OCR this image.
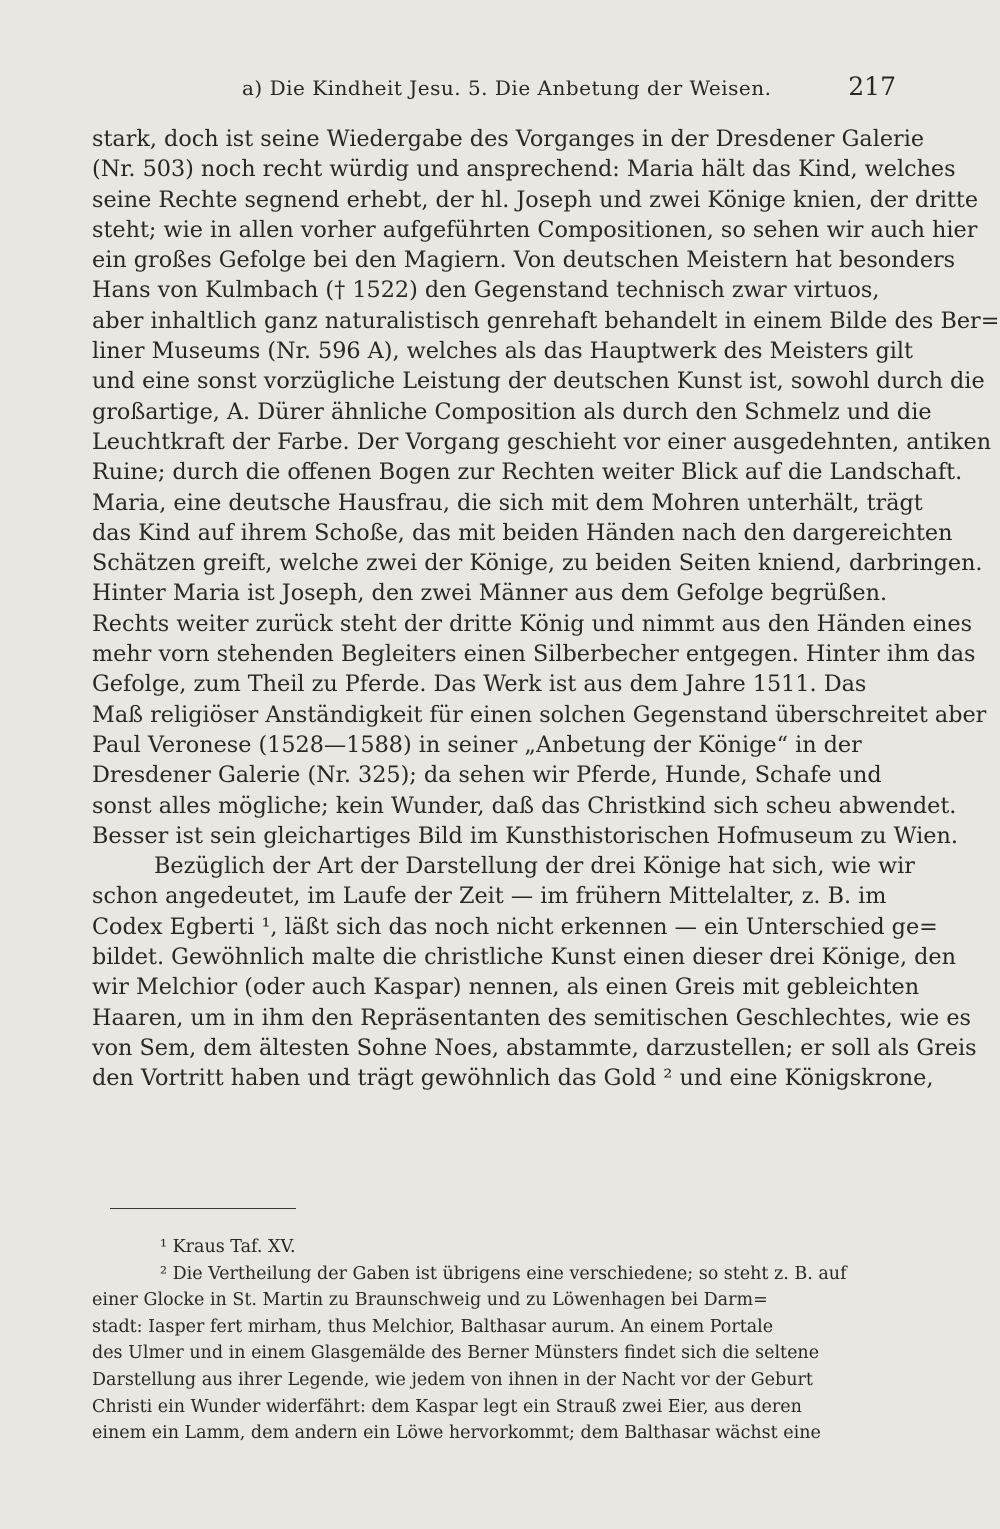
a) Die Kindheit Jesu. 5. Die Anbetung der Weisen.	217
stark, doch ist seine Wiedergabe des Vorganges in der Dresdener Galerie
(Nr. 503) noch recht würdig und ansprechend: Maria hält das Kind, welches
seine Rechte segnend erhebt, der hl. Joseph und zwei Könige knien, der dritte
steht; wie in allen vorher aufgeführten Compositionen, so sehen wir auch hier
ein großes Gefolge bei den Magiern. Von deutschen Meistern hat besonders
Hans von Kulmbach († 1522) den Gegenstand technisch zwar virtuos,
aber inhaltlich ganz naturalistisch genrehaft behandelt in einem Bilde des Ber=
liner Museums (Nr. 596 A), welches als das Hauptwerk des Meisters gilt
und eine sonst vorzügliche Leistung der deutschen Kunst ist, sowohl durch die
großartige, A. Dürer ähnliche Composition als durch den Schmelz und die
Leuchtkraft der Farbe. Der Vorgang geschieht vor einer ausgedehnten, antiken
Ruine; durch die offenen Bogen zur Rechten weiter Blick auf die Landschaft.
Maria, eine deutsche Hausfrau, die sich mit dem Mohren unterhält, trägt
das Kind auf ihrem Schoße, das mit beiden Händen nach den dargereichten
Schätzen greift, welche zwei der Könige, zu beiden Seiten kniend, darbringen.
Hinter Maria ist Joseph, den zwei Männer aus dem Gefolge begrüßen.
Rechts weiter zurück steht der dritte König und nimmt aus den Händen eines
mehr vorn stehenden Begleiters einen Silberbecher entgegen. Hinter ihm das
Gefolge, zum Theil zu Pferde. Das Werk ist aus dem Jahre 1511. Das
Maß religiöser Anständigkeit für einen solchen Gegenstand überschreitet aber
Paul Veronese (1528—1588) in seiner „Anbetung der Könige“ in der
Dresdener Galerie (Nr. 325); da sehen wir Pferde, Hunde, Schafe und
sonst alles mögliche; kein Wunder, daß das Christkind sich scheu abwendet.
Besser ist sein gleichartiges Bild im Kunsthistorischen Hofmuseum zu Wien.
Bezüglich der Art der Darstellung der drei Könige hat sich, wie wir
schon angedeutet, im Laufe der Zeit — im frühern Mittelalter, z. B. im
Codex Egberti ¹, läßt sich das noch nicht erkennen — ein Unterschied ge=
bildet. Gewöhnlich malte die christliche Kunst einen dieser drei Könige, den
wir Melchior (oder auch Kaspar) nennen, als einen Greis mit gebleichten
Haaren, um in ihm den Repräsentanten des semitischen Geschlechtes, wie es
von Sem, dem ältesten Sohne Noes, abstammte, darzustellen; er soll als Greis
den Vortritt haben und trägt gewöhnlich das Gold ² und eine Königskrone,
¹ Kraus Taf. XV.
² Die Vertheilung der Gaben ist übrigens eine verschiedene; so steht z. B. auf
einer Glocke in St. Martin zu Braunschweig und zu Löwenhagen bei Darm=
stadt: Iasper fert mirham, thus Melchior, Balthasar aurum. An einem Portale
des Ulmer und in einem Glasgemälde des Berner Münsters findet sich die seltene
Darstellung aus ihrer Legende, wie jedem von ihnen in der Nacht vor der Geburt
Christi ein Wunder widerfährt: dem Kaspar legt ein Strauß zwei Eier, aus deren
einem ein Lamm, dem andern ein Löwe hervorkommt; dem Balthasar wächst eine
